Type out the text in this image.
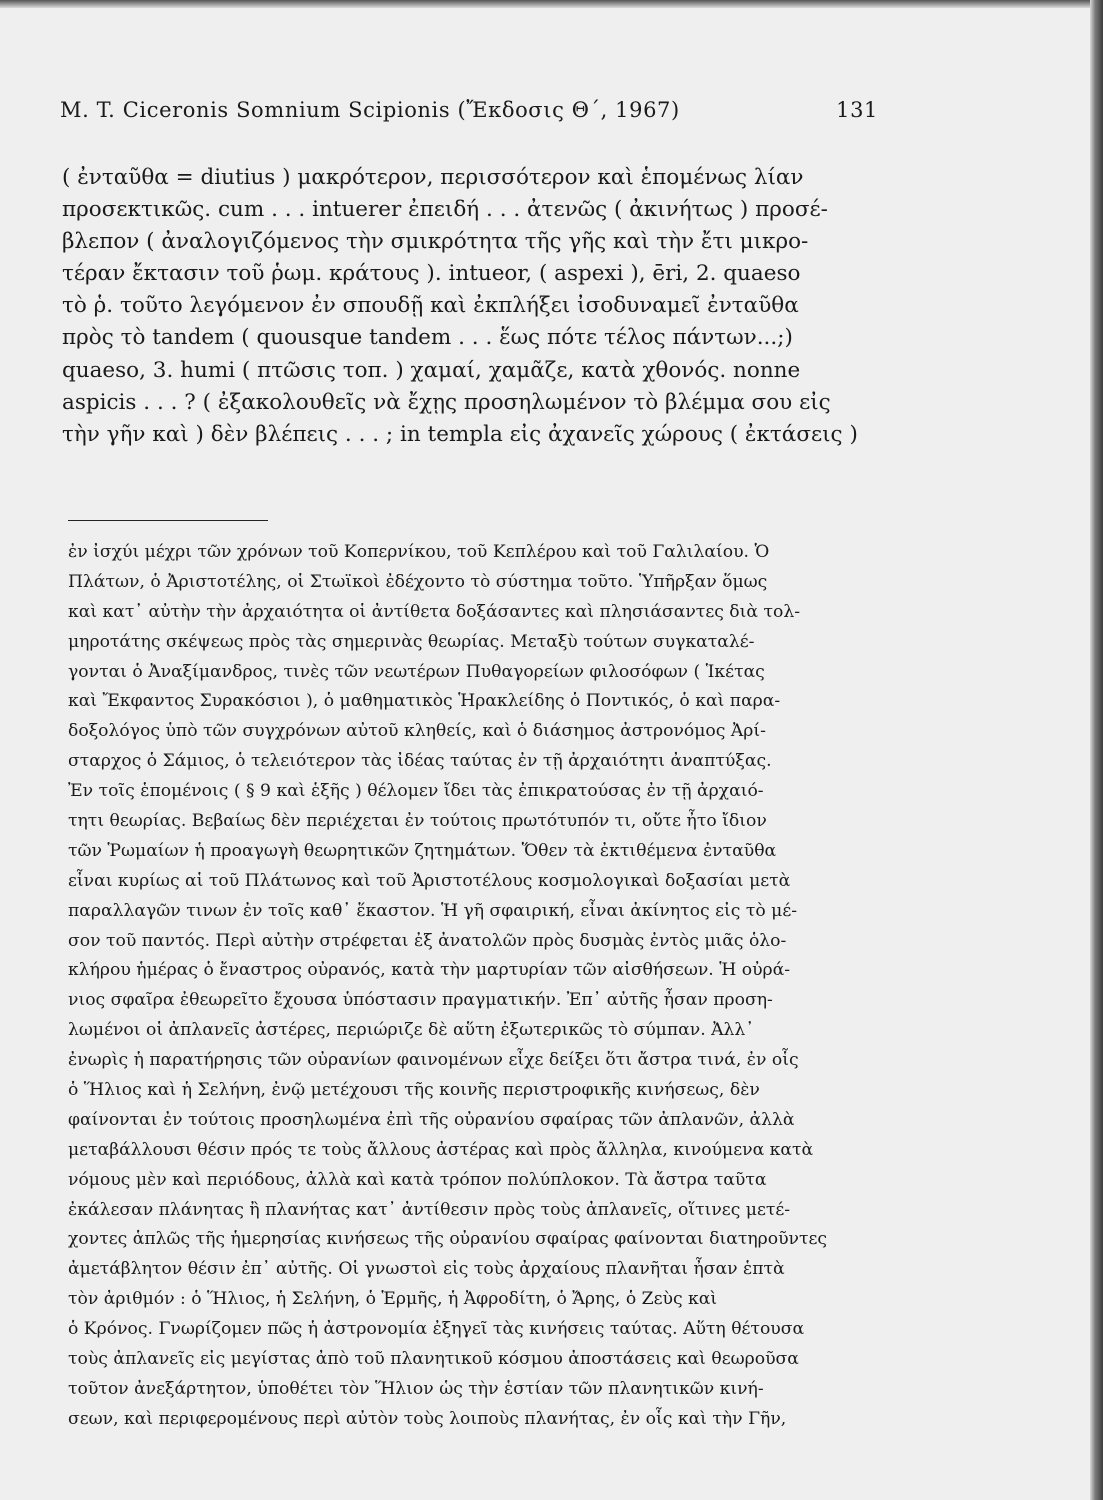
M. T. Ciceronis Somnium Scipionis (Ἔκδοσις Θ΄, 1967)	131
( ἐνταῦθα = diutius ) μακρότερον, περισσότερον καὶ ἑπομένως λίαν
προσεκτικῶς. cum . . . intuerer ἐπειδή . . . ἀτενῶς ( ἀκινήτως ) προσέ-
βλεπον ( ἀναλογιζόμενος τὴν σμικρότητα τῆς γῆς καὶ τὴν ἔτι μικρο-
τέραν ἔκτασιν τοῦ ῥωμ. κράτους ). intueor, ( aspexi ), ēri, 2. quaeso
τὸ ῥ. τοῦτο λεγόμενον ἐν σπουδῇ καὶ ἐκπλήξει ἰσοδυναμεῖ ἐνταῦθα
πρὸς τὸ tandem ( quousque tandem . . . ἕως πότε τέλος πάντων...;)
quaeso, 3. humi ( πτῶσις τοπ. ) χαμαί, χαμᾶζε, κατὰ χθονός. nonne
aspicis . . . ? ( ἐξακολουθεῖς νὰ ἔχῃς προσηλωμένον τὸ βλέμμα σου εἰς
τὴν γῆν καὶ ) δὲν βλέπεις . . . ; in templa εἰς ἀχανεῖς χώρους ( ἐκτάσεις )
ἐν ἰσχύι μέχρι τῶν χρόνων τοῦ Κοπερνίκου, τοῦ Κεπλέρου καὶ τοῦ Γαλιλαίου. Ὁ
Πλάτων, ὁ Ἀριστοτέλης, οἱ Στωϊκοὶ ἐδέχοντο τὸ σύστημα τοῦτο. Ὑπῆρξαν ὅμως
καὶ κατ᾽ αὐτὴν τὴν ἀρχαιότητα οἱ ἀντίθετα δοξάσαντες καὶ πλησιάσαντες διὰ τολ-
μηροτάτης σκέψεως πρὸς τὰς σημερινὰς θεωρίας. Μεταξὺ τούτων συγκαταλέ-
γονται ὁ Ἀναξίμανδρος, τινὲς τῶν νεωτέρων Πυθαγορείων φιλοσόφων ( Ἱκέτας
καὶ Ἔκφαντος Συρακόσιοι ), ὁ μαθηματικὸς Ἡρακλείδης ὁ Ποντικός, ὁ καὶ παρα-
δοξολόγος ὑπὸ τῶν συγχρόνων αὐτοῦ κληθείς, καὶ ὁ διάσημος ἀστρονόμος Ἀρί-
σταρχος ὁ Σάμιος, ὁ τελειότερον τὰς ἰδέας ταύτας ἐν τῇ ἀρχαιότητι ἀναπτύξας.
Ἐν τοῖς ἑπομένοις ( § 9 καὶ ἑξῆς ) θέλομεν ἴδει τὰς ἐπικρατούσας ἐν τῇ ἀρχαιό-
τητι θεωρίας. Βεβαίως δὲν περιέχεται ἐν τούτοις πρωτότυπόν τι, οὔτε ἦτο ἴδιον
τῶν Ῥωμαίων ἡ προαγωγὴ θεωρητικῶν ζητημάτων. Ὅθεν τὰ ἐκτιθέμενα ἐνταῦθα
εἶναι κυρίως αἱ τοῦ Πλάτωνος καὶ τοῦ Ἀριστοτέλους κοσμολογικαὶ δοξασίαι μετὰ
παραλλαγῶν τινων ἐν τοῖς καθ᾽ ἕκαστον. Ἡ γῆ σφαιρική, εἶναι ἀκίνητος εἰς τὸ μέ-
σον τοῦ παντός. Περὶ αὐτὴν στρέφεται ἐξ ἀνατολῶν πρὸς δυσμὰς ἐντὸς μιᾶς ὁλο-
κλήρου ἡμέρας ὁ ἔναστρος οὐρανός, κατὰ τὴν μαρτυρίαν τῶν αἰσθήσεων. Ἡ οὐρά-
νιος σφαῖρα ἐθεωρεῖτο ἔχουσα ὑπόστασιν πραγματικήν. Ἐπ᾽ αὐτῆς ἦσαν προση-
λωμένοι οἱ ἀπλανεῖς ἀστέρες, περιώριζε δὲ αὕτη ἐξωτερικῶς τὸ σύμπαν. Ἀλλ᾽
ἐνωρὶς ἡ παρατήρησις τῶν οὐρανίων φαινομένων εἶχε δείξει ὅτι ἄστρα τινά, ἐν οἷς
ὁ Ἥλιος καὶ ἡ Σελήνη, ἐνῷ μετέχουσι τῆς κοινῆς περιστροφικῆς κινήσεως, δὲν
φαίνονται ἐν τούτοις προσηλωμένα ἐπὶ τῆς οὐρανίου σφαίρας τῶν ἀπλανῶν, ἀλλὰ
μεταβάλλουσι θέσιν πρός τε τοὺς ἄλλους ἀστέρας καὶ πρὸς ἄλληλα, κινούμενα κατὰ
νόμους μὲν καὶ περιόδους, ἀλλὰ καὶ κατὰ τρόπον πολύπλοκον. Τὰ ἄστρα ταῦτα
ἐκάλεσαν πλάνητας ἢ πλανήτας κατ᾽ ἀντίθεσιν πρὸς τοὺς ἀπλανεῖς, οἵτινες μετέ-
χοντες ἁπλῶς τῆς ἡμερησίας κινήσεως τῆς οὐρανίου σφαίρας φαίνονται διατηροῦντες
ἀμετάβλητον θέσιν ἐπ᾽ αὐτῆς. Οἱ γνωστοὶ εἰς τοὺς ἀρχαίους πλανῆται ἦσαν ἑπτὰ
τὸν ἀριθμόν : ὁ Ἥλιος, ἡ Σελήνη, ὁ Ἑρμῆς, ἡ Ἀφροδίτη, ὁ Ἄρης, ὁ Ζεὺς καὶ
ὁ Κρόνος. Γνωρίζομεν πῶς ἡ ἀστρονομία ἐξηγεῖ τὰς κινήσεις ταύτας. Αὕτη θέτουσα
τοὺς ἀπλανεῖς εἰς μεγίστας ἀπὸ τοῦ πλανητικοῦ κόσμου ἀποστάσεις καὶ θεωροῦσα
τοῦτον ἀνεξάρτητον, ὑποθέτει τὸν Ἥλιον ὡς τὴν ἑστίαν τῶν πλανητικῶν κινή-
σεων, καὶ περιφερομένους περὶ αὐτὸν τοὺς λοιποὺς πλανήτας, ἐν οἷς καὶ τὴν Γῆν,
